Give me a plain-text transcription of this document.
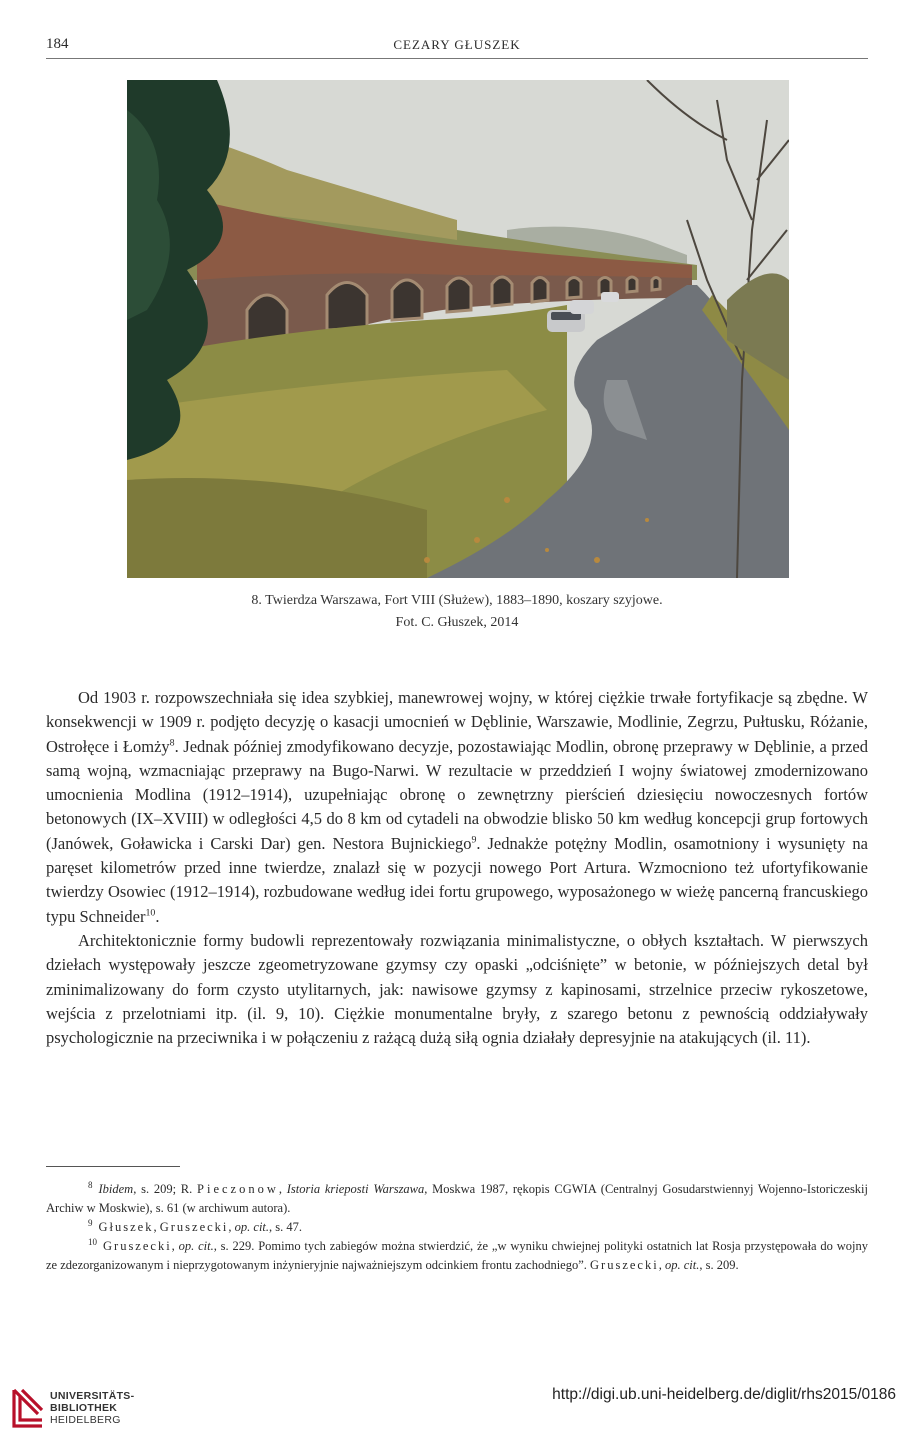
184	CEZARY GŁUSZEK
8. Twierdza Warszawa, Fort VIII (Służew), 1883–1890, koszary szyjowe.
Fot. C. Głuszek, 2014

Od 1903 r. rozpowszechniała się idea szybkiej, manewrowej wojny, w której ciężkie trwałe fortyfikacje są zbędne. W konsekwencji w 1909 r. podjęto decyzję o kasacji umocnień w Dęblinie, Warszawie, Modlinie, Zegrzu, Pułtusku, Różanie, Ostrołęce i Łomży$^8$. Jednak później zmodyfikowano decyzje, pozostawiając Modlin, obronę przeprawy w Dęblinie, a przed samą wojną, wzmacniając przeprawy na Bugo-Narwi. W rezultacie w przeddzień I wojny światowej zmodernizowano umocnienia Modlina (1912–1914), uzupełniając obronę o zewnętrzny pierścień dziesięciu nowoczesnych fortów betonowych (IX–XVIII) w odległości 4,5 do 8 km od cytadeli na obwodzie blisko 50 km według koncepcji grup fortowych (Janówek, Goławicka i Carski Dar) gen. Nestora Bujnickiego$^9$. Jednakże potężny Modlin, osamotniony i wysunięty na paręset kilometrów przed inne twierdze, znalazł się w pozycji nowego Port Artura. Wzmocniono też ufortyfikowanie twierdzy Osowiec (1912–1914), rozbudowane według idei fortu grupowego, wyposażonego w wieżę pancerną francuskiego typu Schneider$^{10}$.

Architektonicznie formy budowli reprezentowały rozwiązania minimalistyczne, o obłych kształtach. W pierwszych dziełach występowały jeszcze zgeometryzowane gzymsy czy opaski „odciśnięte” w betonie, w późniejszych detal był zminimalizowany do form czysto utylitarnych, jak: nawisowe gzymsy z kapinosami, strzelnice przeciw rykoszetowe, wejścia z przelotniami itp. (il. 9, 10). Ciężkie monumentalne bryły, z szarego betonu z pewnością oddziaływały psychologicznie na przeciwnika i w połączeniu z rażącą dużą siłą ognia działały depresyjnie na atakujących (il. 11).

$^8$ Ibidem, s. 209; R. Pieczonow, Istoria krieposti Warszawa, Moskwa 1987, rękopis CGWIA (Centralnyj Gosudarstwiennyj Wojenno-Istoriczeskij Archiw w Moskwie), s. 61 (w archiwum autora).

$^9$ Głuszek, Gruszecki, op. cit., s. 47.

$^{10}$ Gruszecki, op. cit., s. 229. Pomimo tych zabiegów można stwierdzić, że „w wyniku chwiejnej polityki ostatnich lat Rosja przystępowała do wojny ze zdezorganizowanym i nieprzygotowanym inżynieryjnie najważniejszym odcinkiem frontu zachodniego”. Gruszecki, op. cit., s. 209.

UNIVERSITÄTS-
BIBLIOTHEK
HEIDELBERG
http://digi.ub.uni-heidelberg.de/diglit/rhs2015/0186
